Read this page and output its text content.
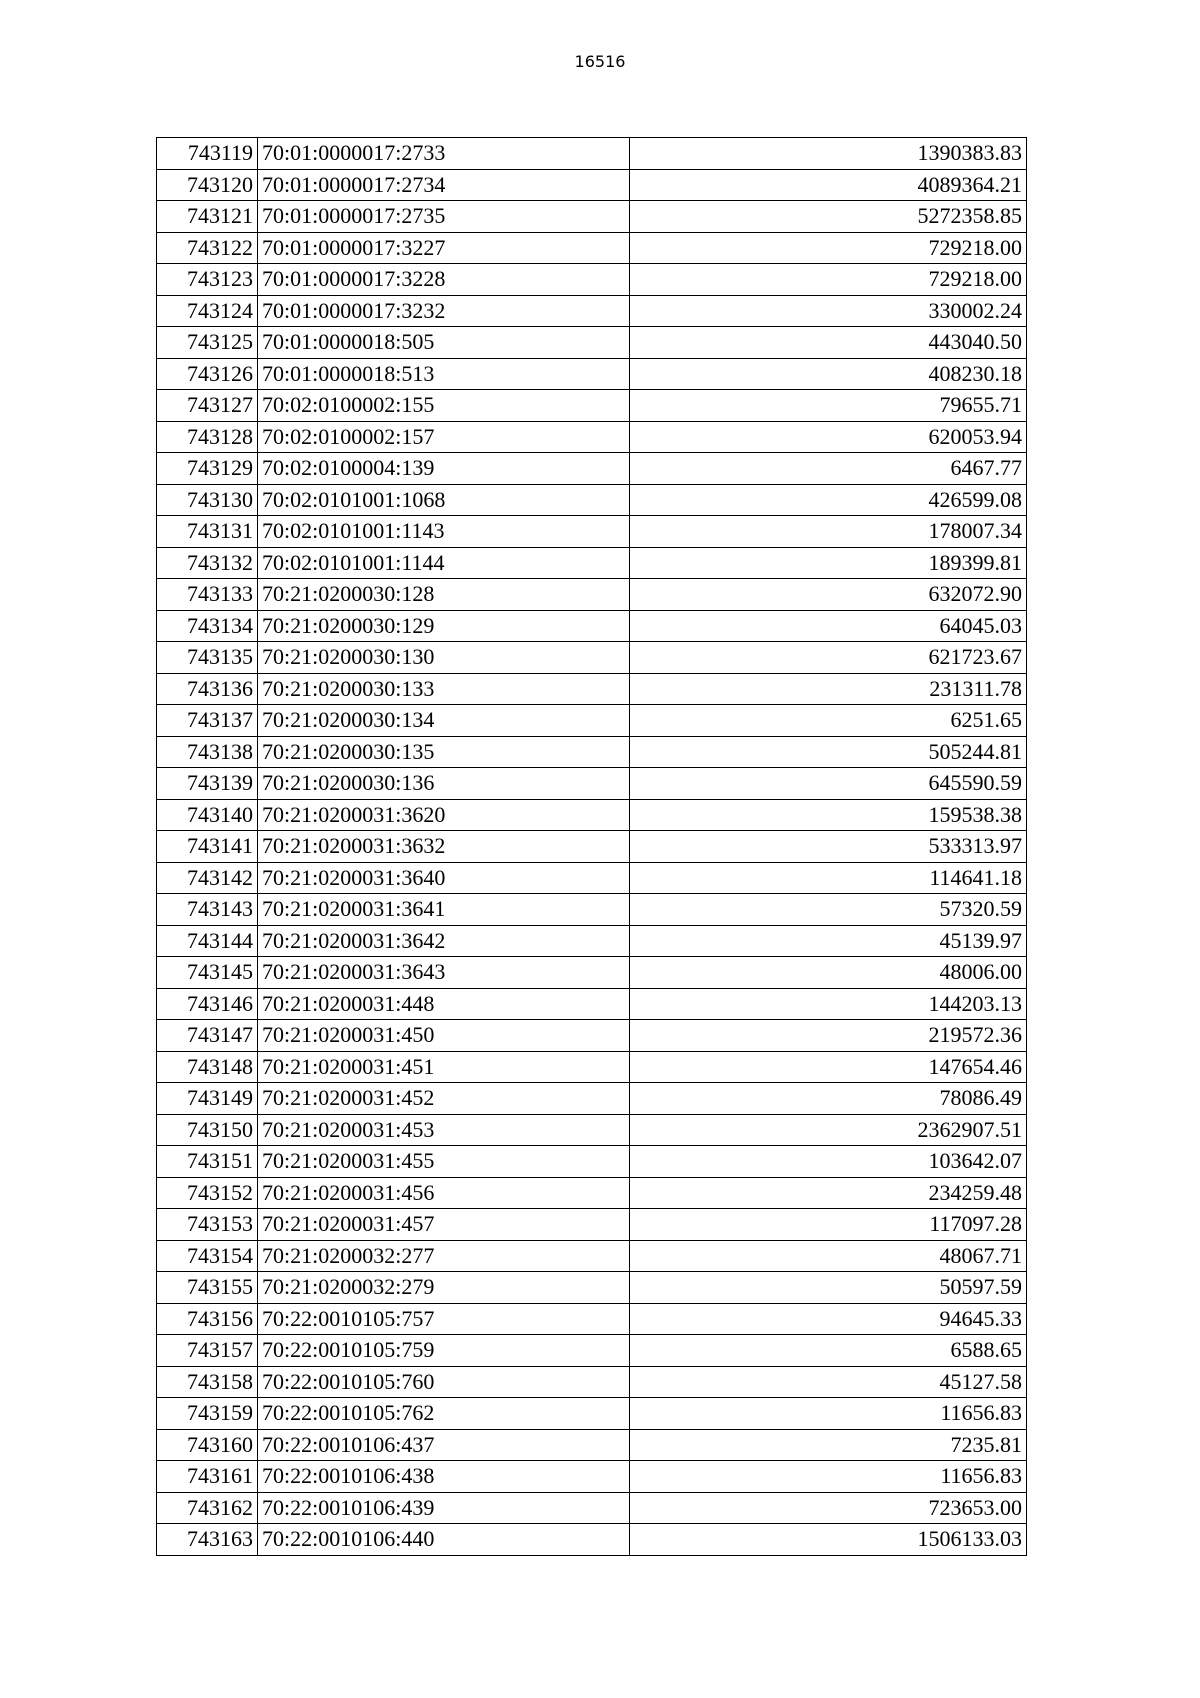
16516
743119	70:01:0000017:2733	1390383.83
743120	70:01:0000017:2734	4089364.21
743121	70:01:0000017:2735	5272358.85
743122	70:01:0000017:3227	729218.00
743123	70:01:0000017:3228	729218.00
743124	70:01:0000017:3232	330002.24
743125	70:01:0000018:505	443040.50
743126	70:01:0000018:513	408230.18
743127	70:02:0100002:155	79655.71
743128	70:02:0100002:157	620053.94
743129	70:02:0100004:139	6467.77
743130	70:02:0101001:1068	426599.08
743131	70:02:0101001:1143	178007.34
743132	70:02:0101001:1144	189399.81
743133	70:21:0200030:128	632072.90
743134	70:21:0200030:129	64045.03
743135	70:21:0200030:130	621723.67
743136	70:21:0200030:133	231311.78
743137	70:21:0200030:134	6251.65
743138	70:21:0200030:135	505244.81
743139	70:21:0200030:136	645590.59
743140	70:21:0200031:3620	159538.38
743141	70:21:0200031:3632	533313.97
743142	70:21:0200031:3640	114641.18
743143	70:21:0200031:3641	57320.59
743144	70:21:0200031:3642	45139.97
743145	70:21:0200031:3643	48006.00
743146	70:21:0200031:448	144203.13
743147	70:21:0200031:450	219572.36
743148	70:21:0200031:451	147654.46
743149	70:21:0200031:452	78086.49
743150	70:21:0200031:453	2362907.51
743151	70:21:0200031:455	103642.07
743152	70:21:0200031:456	234259.48
743153	70:21:0200031:457	117097.28
743154	70:21:0200032:277	48067.71
743155	70:21:0200032:279	50597.59
743156	70:22:0010105:757	94645.33
743157	70:22:0010105:759	6588.65
743158	70:22:0010105:760	45127.58
743159	70:22:0010105:762	11656.83
743160	70:22:0010106:437	7235.81
743161	70:22:0010106:438	11656.83
743162	70:22:0010106:439	723653.00
743163	70:22:0010106:440	1506133.03
